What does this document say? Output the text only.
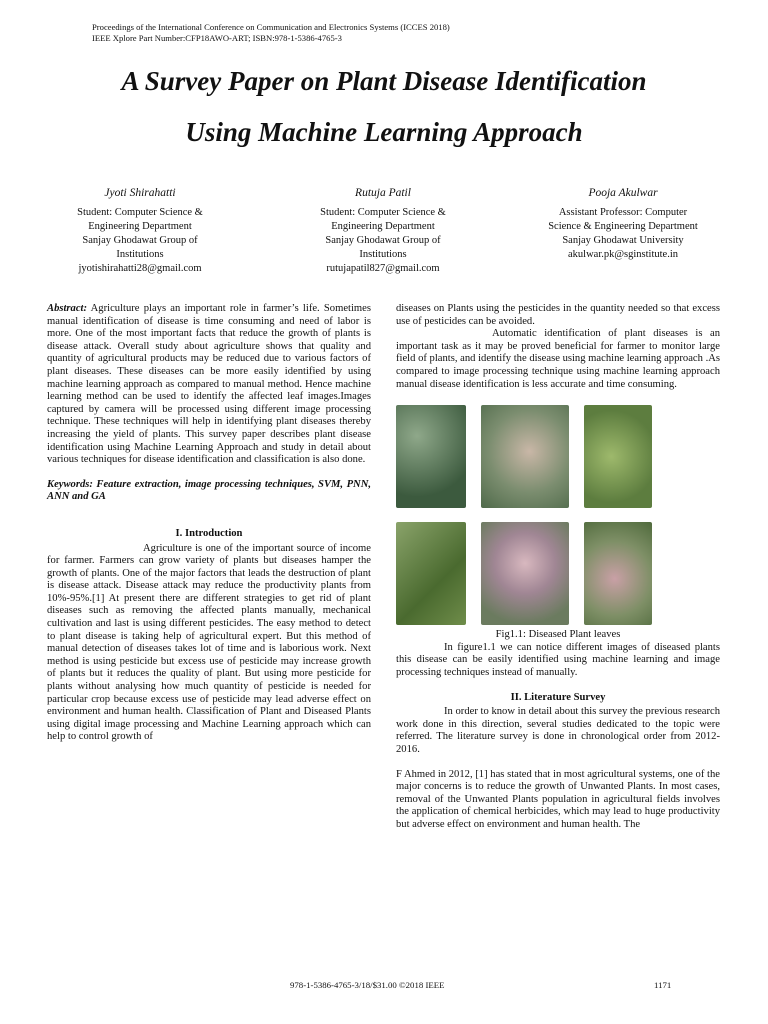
Proceedings of the International Conference on Communication and Electronics Systems (ICCES 2018)
IEEE Xplore Part Number:CFP18AWO-ART; ISBN:978-1-5386-4765-3
A Survey Paper on Plant Disease Identification
Using Machine Learning Approach
Jyoti Shirahatti
Student: Computer Science &
Engineering Department
Sanjay Ghodawat Group of
Institutions
jyotishirahatti28@gmail.com
Rutuja Patil
Student: Computer Science &
Engineering Department
Sanjay Ghodawat Group of
Institutions
rutujapatil827@gmail.com
Pooja Akulwar
Assistant Professor: Computer
Science & Engineering Department
Sanjay Ghodawat University
akulwar.pk@sginstitute.in

Abstract: Agriculture plays an important role in farmer’s life. Sometimes manual identification of disease is time consuming and need of labor is more. One of the most important facts that reduce the growth of plants is disease attack. Overall study about agriculture shows that quality and quantity of agricultural products may be reduced due to various factors of plant diseases. These diseases can be more easily identified by using machine learning approach as compared to manual method. Hence machine learning method can be used to identify the affected leaf images.Images captured by camera will be processed using different image processing technique. These techniques will help in identifying plant diseases thereby increasing the yield of plants. This survey paper describes plant disease identification using Machine Learning Approach and study in detail about various techniques for disease identification and classification is also done.

Keywords: Feature extraction, image processing techniques, SVM, PNN, ANN and GA

I. Introduction

Agriculture is one of the important source of income for farmer. Farmers can grow variety of plants but diseases hamper the growth of plants. One of the major factors that leads the destruction of plant is disease attack. Disease attack may reduce the productivity plants from 10%-95%.[1] At present there are different strategies to get rid of plant diseases such as removing the affected plants manually, mechanical cultivation and last is using different pesticides. The easy method to detect to plant disease is taking help of agricultural expert. But this method of manual detection of diseases takes lot of time and is laborious work. Next method is using pesticide but excess use of pesticide may increase growth of plants but it reduces the quality of plant. But using more pesticide for plants without analysing how much quantity of pesticide is needed for particular crop because excess use of pesticide may lead adverse effect on environment and human health. Classification of Plant and Diseased Plants using digital image processing and Machine Learning approach which can help to control growth of

diseases on Plants using the pesticides in the quantity needed so that excess use of pesticides can be avoided.

Automatic identification of plant diseases is an important task as it may be proved beneficial for farmer to monitor large field of plants, and identify the disease using machine learning approach .As compared to image processing technique using machine learning approach manual disease identification is less accurate and time consuming.

Fig1.1: Diseased Plant leaves

In figure1.1 we can notice different images of diseased plants this disease can be easily identified using machine learning and image processing techniques instead of manually.

II. Literature Survey

In order to know in detail about this survey the previous research work done in this direction, several studies dedicated to the topic were referred. The literature survey is done in chronological order from 2012-2016.

F Ahmed in 2012, [1] has stated that in most agricultural systems, one of the major concerns is to reduce the growth of Unwanted Plants. In most cases, removal of the Unwanted Plants population in agricultural fields involves the application of chemical herbicides, which may lead to huge productivity but adverse effect on environment and human health. The

978-1-5386-4765-3/18/$31.00 ©2018 IEEE	1171
